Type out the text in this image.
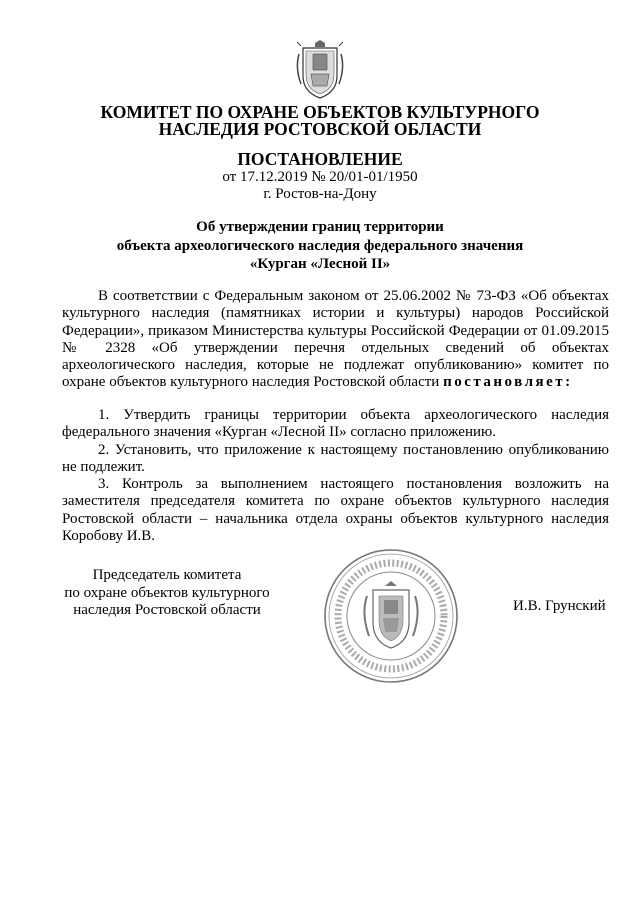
КОМИТЕТ ПО ОХРАНЕ ОБЪЕКТОВ КУЛЬТУРНОГО
НАСЛЕДИЯ РОСТОВСКОЙ ОБЛАСТИ
ПОСТАНОВЛЕНИЕ
от 17.12.2019 № 20/01-01/1950
г. Ростов-на-Дону
Об утверждении границ территории
объекта археологического наследия федерального значения
«Курган «Лесной II»

В соответствии с Федеральным законом от 25.06.2002 № 73-ФЗ «Об объектах культурного наследия (памятниках истории и культуры) народов Российской Федерации», приказом Министерства культуры Российской Федерации от 01.09.2015 № 2328 «Об утверждении перечня отдельных сведений об объектах археологического наследия, которые не подлежат опубликованию» комитет по охране объектов культурного наследия Ростовской области постановляет:

1. Утвердить границы территории объекта археологического наследия федерального значения «Курган «Лесной II» согласно приложению.

2. Установить, что приложение к настоящему постановлению опубликованию не подлежит.

3. Контроль за выполнением настоящего постановления возложить на заместителя председателя комитета по охране объектов культурного наследия Ростовской области – начальника отдела охраны объектов культурного наследия Коробову И.В.

Председатель комитета
по охране объектов культурного
наследия Ростовской области	И.В. Грунский
